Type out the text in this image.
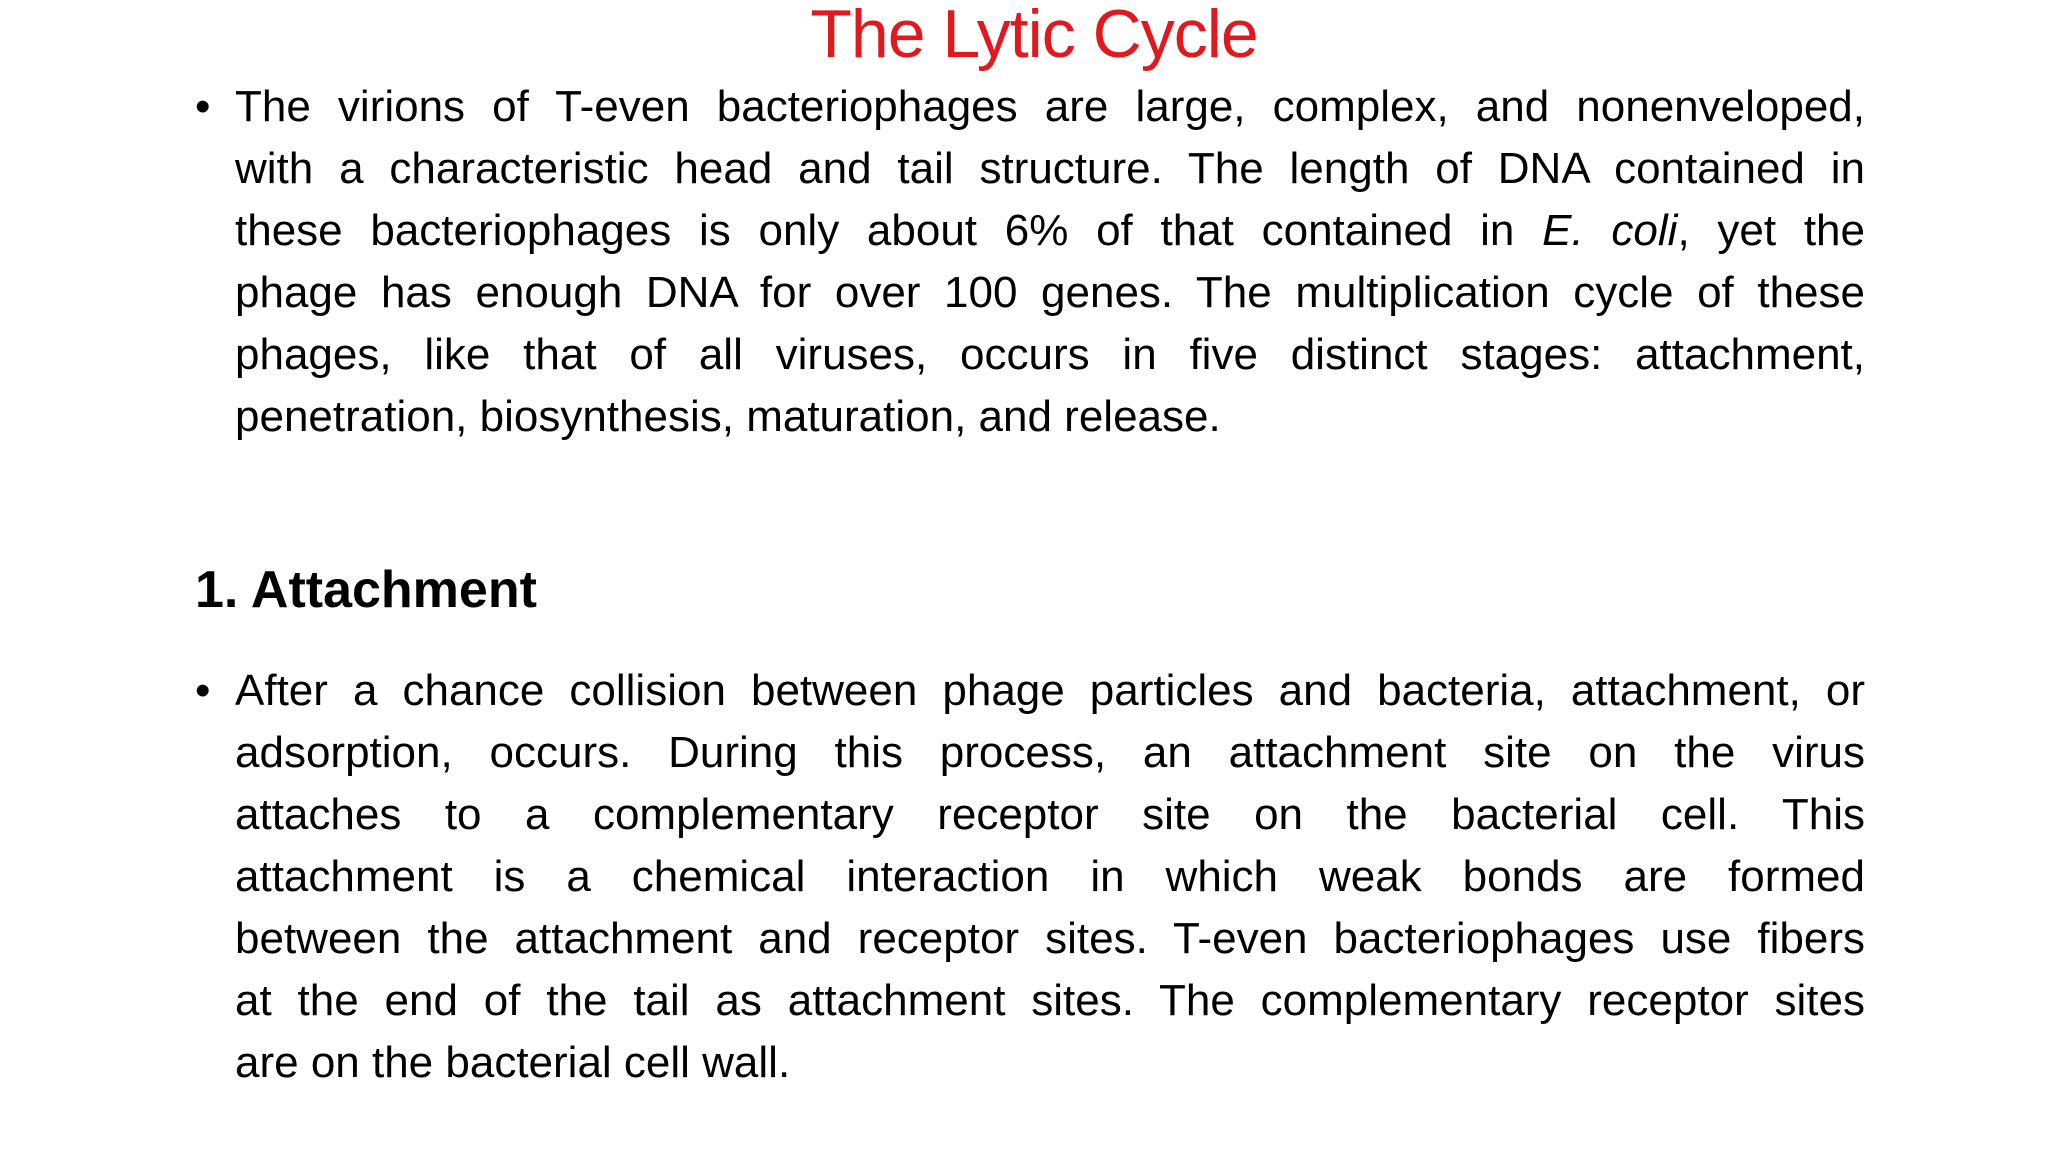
The Lytic Cycle
• The virions of T-even bacteriophages are large, complex, and nonenveloped,
with a characteristic head and tail structure. The length of DNA contained in
these bacteriophages is only about 6% of that contained in E. coli, yet the
phage has enough DNA for over 100 genes. The multiplication cycle of these
phages, like that of all viruses, occurs in five distinct stages: attachment,
penetration, biosynthesis, maturation, and release.
1. Attachment
• After a chance collision between phage particles and bacteria, attachment, or
adsorption, occurs. During this process, an attachment site on the virus
attaches to a complementary receptor site on the bacterial cell. This
attachment is a chemical interaction in which weak bonds are formed
between the attachment and receptor sites. T-even bacteriophages use fibers
at the end of the tail as attachment sites. The complementary receptor sites
are on the bacterial cell wall.
